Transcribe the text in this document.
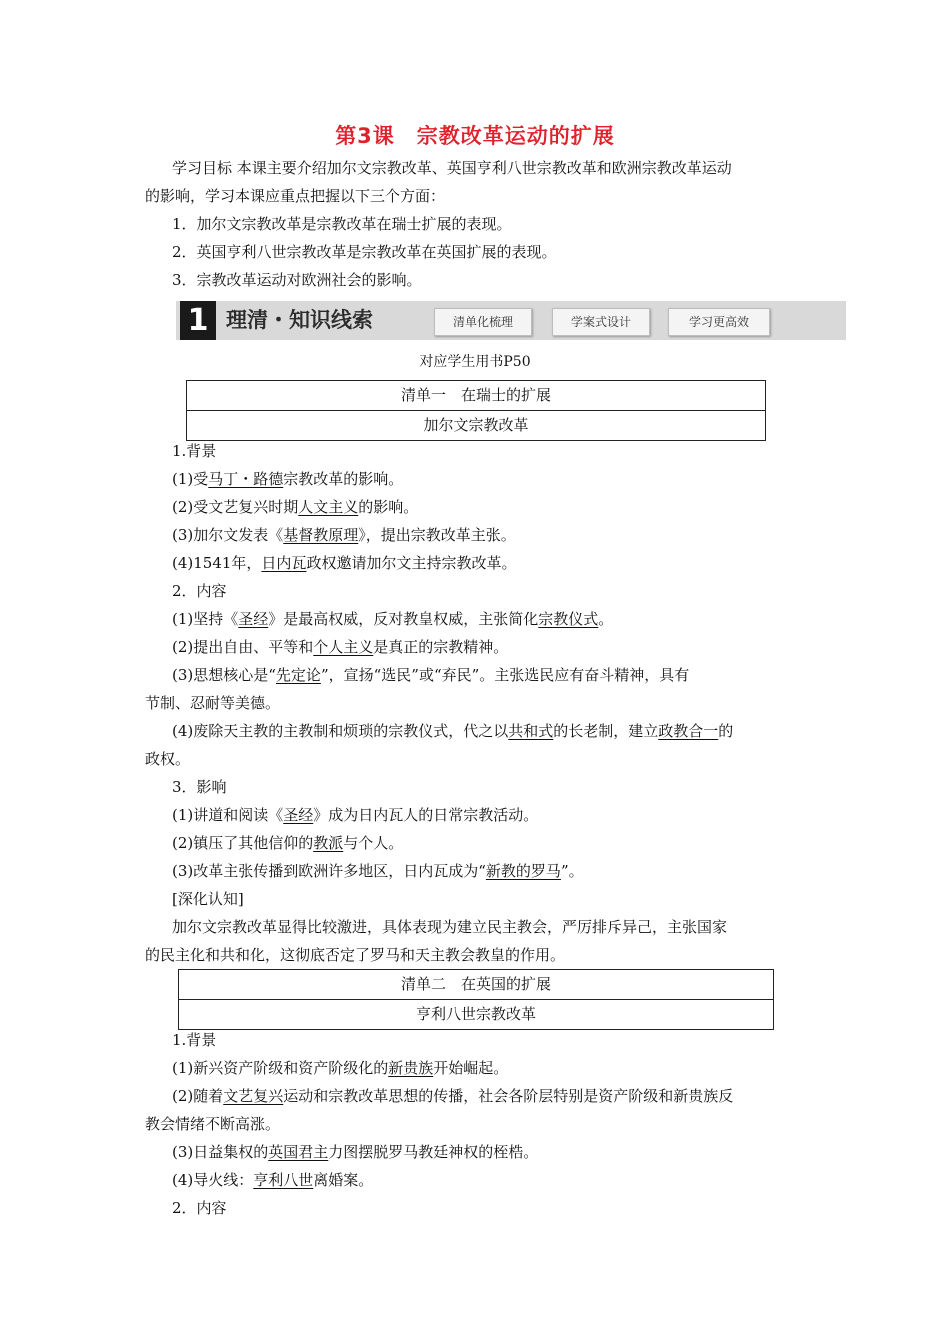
第3课　宗教改革运动的扩展
学习目标 本课主要介绍加尔文宗教改革、英国亨利八世宗教改革和欧洲宗教改革运动
的影响，学习本课应重点把握以下三个方面：
1．加尔文宗教改革是宗教改革在瑞士扩展的表现。
2．英国亨利八世宗教改革是宗教改革在英国扩展的表现。
3．宗教改革运动对欧洲社会的影响。
1 理清・知识线索	清单化梳理	学案式设计	学习更高效
对应学生用书P50
清单一　在瑞士的扩展
加尔文宗教改革
1.背景
(1)受马丁・路德宗教改革的影响。
(2)受文艺复兴时期人文主义的影响。
(3)加尔文发表《基督教原理》，提出宗教改革主张。
(4)1541年，日内瓦政权邀请加尔文主持宗教改革。
2．内容
(1)坚持《圣经》是最高权威，反对教皇权威，主张简化宗教仪式。
(2)提出自由、平等和个人主义是真正的宗教精神。
(3)思想核心是“先定论”，宣扬“选民”或“弃民”。主张选民应有奋斗精神，具有
节制、忍耐等美德。
(4)废除天主教的主教制和烦琐的宗教仪式，代之以共和式的长老制，建立政教合一的
政权。
3．影响
(1)讲道和阅读《圣经》成为日内瓦人的日常宗教活动。
(2)镇压了其他信仰的教派与个人。
(3)改革主张传播到欧洲许多地区，日内瓦成为“新教的罗马”。
[深化认知]
加尔文宗教改革显得比较激进，具体表现为建立民主教会，严厉排斥异己，主张国家
的民主化和共和化，这彻底否定了罗马和天主教会教皇的作用。
清单二　在英国的扩展
亨利八世宗教改革
1.背景
(1)新兴资产阶级和资产阶级化的新贵族开始崛起。
(2)随着文艺复兴运动和宗教改革思想的传播，社会各阶层特别是资产阶级和新贵族反
教会情绪不断高涨。
(3)日益集权的英国君主力图摆脱罗马教廷神权的桎梏。
(4)导火线：亨利八世离婚案。
2．内容
